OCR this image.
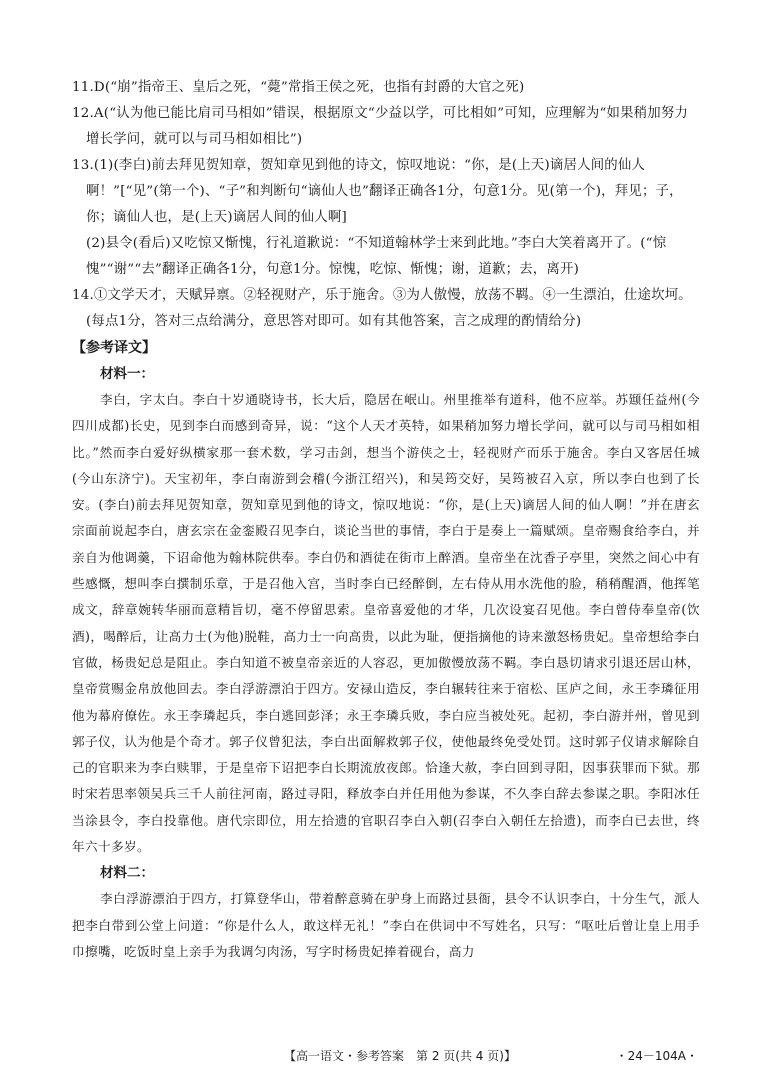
11.D(“崩”指帝王、皇后之死，“薨”常指王侯之死，也指有封爵的大官之死)

12.A(“认为他已能比肩司马相如”错误，根据原文“少益以学，可比相如”可知，应理解为“如果稍加努力增长学问，就可以与司马相如相比”)

13.(1)(李白)前去拜见贺知章，贺知章见到他的诗文，惊叹地说：“你，是(上天)谪居人间的仙人啊！”[“见”(第一个)、“子”和判断句“谪仙人也”翻译正确各1分，句意1分。见(第一个)，拜见；子，你；谪仙人也，是(上天)谪居人间的仙人啊]

(2)县令(看后)又吃惊又惭愧，行礼道歉说：“不知道翰林学士来到此地。”李白大笑着离开了。(“惊愧”“谢”“去”翻译正确各1分，句意1分。惊愧，吃惊、惭愧；谢，道歉；去，离开)

14.①文学天才，天赋异禀。②轻视财产，乐于施舍。③为人傲慢，放荡不羁。④一生漂泊，仕途坎坷。(每点1分，答对三点给满分，意思答对即可。如有其他答案，言之成理的酌情给分)

【参考译文】

材料一：

李白，字太白。李白十岁通晓诗书，长大后，隐居在岷山。州里推举有道科，他不应举。苏颋任益州(今四川成都)长史，见到李白而感到奇异，说：“这个人天才英特，如果稍加努力增长学问，就可以与司马相如相比。”然而李白爱好纵横家那一套术数，学习击剑，想当个游侠之士，轻视财产而乐于施舍。李白又客居任城(今山东济宁)。天宝初年，李白南游到会稽(今浙江绍兴)，和吴筠交好，吴筠被召入京，所以李白也到了长安。(李白)前去拜见贺知章，贺知章见到他的诗文，惊叹地说：“你，是(上天)谪居人间的仙人啊！”并在唐玄宗面前说起李白，唐玄宗在金銮殿召见李白，谈论当世的事情，李白于是奏上一篇赋颂。皇帝赐食给李白，并亲自为他调羹，下诏命他为翰林院供奉。李白仍和酒徒在街市上醉酒。皇帝坐在沈香子亭里，突然之间心中有些感慨，想叫李白撰制乐章，于是召他入宫，当时李白已经醉倒，左右侍从用水洗他的脸，稍稍醒酒，他挥笔成文，辞章婉转华丽而意精旨切，毫不停留思索。皇帝喜爱他的才华，几次设宴召见他。李白曾侍奉皇帝(饮酒)，喝醉后，让高力士(为他)脱鞋，高力士一向高贵，以此为耻，便指摘他的诗来激怒杨贵妃。皇帝想给李白官做，杨贵妃总是阻止。李白知道不被皇帝亲近的人容忍，更加傲慢放荡不羁。李白恳切请求引退还居山林，皇帝赏赐金帛放他回去。李白浮游漂泊于四方。安禄山造反，李白辗转往来于宿松、匡庐之间，永王李璘征用他为幕府僚佐。永王李璘起兵，李白逃回彭泽；永王李璘兵败，李白应当被处死。起初，李白游并州，曾见到郭子仪，认为他是个奇才。郭子仪曾犯法，李白出面解救郭子仪，使他最终免受处罚。这时郭子仪请求解除自己的官职来为李白赎罪，于是皇帝下诏把李白长期流放夜郎。恰逢大赦，李白回到寻阳，因事获罪而下狱。那时宋若思率领吴兵三千人前往河南，路过寻阳，释放李白并任用他为参谋，不久李白辞去参谋之职。李阳冰任当涂县令，李白投靠他。唐代宗即位，用左拾遗的官职召李白入朝(召李白入朝任左拾遗)，而李白已去世，终年六十多岁。

材料二：

李白浮游漂泊于四方，打算登华山，带着醉意骑在驴身上而路过县衙，县令不认识李白，十分生气，派人把李白带到公堂上问道：“你是什么人，敢这样无礼！”李白在供词中不写姓名，只写：“呕吐后曾让皇上用手巾擦嘴，吃饭时皇上亲手为我调匀肉汤，写字时杨贵妃捧着砚台，高力

【高一语文・参考答案　第 2 页(共 4 页)】	・24－104A・
